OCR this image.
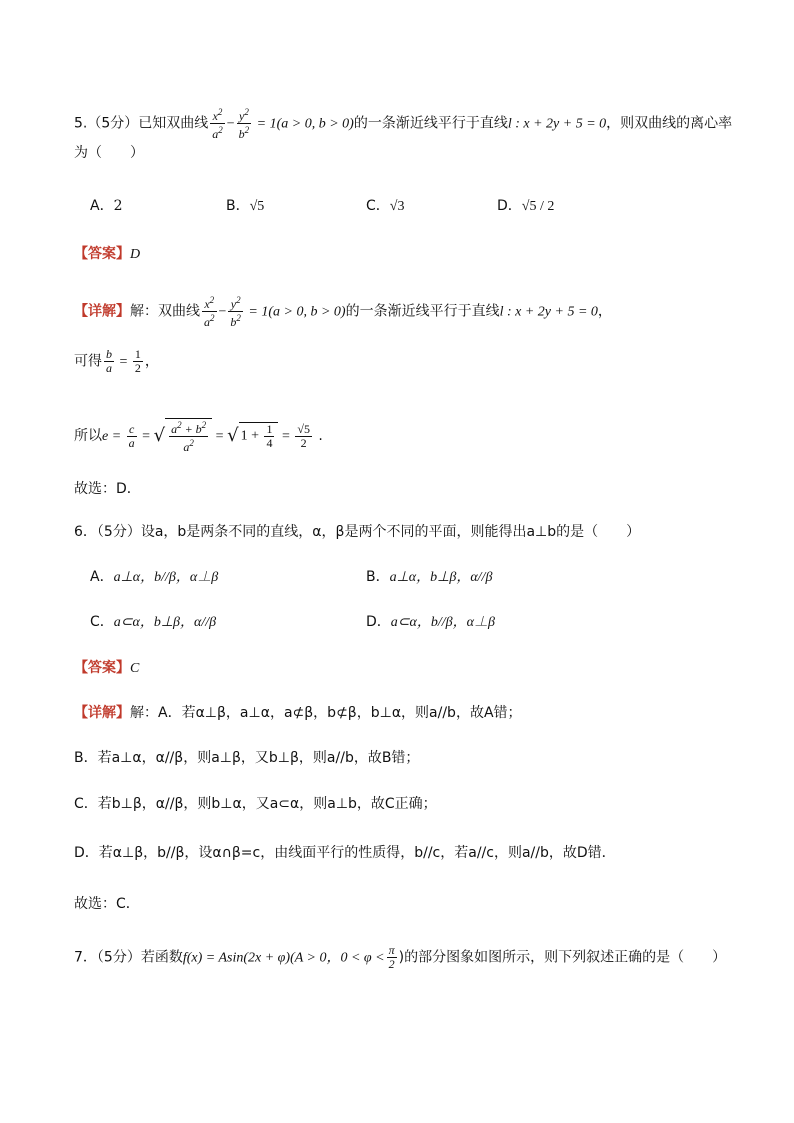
5.（5分）已知双曲线 $\frac{x^2}{a^2} - \frac{y^2}{b^2} = 1(a > 0$, b > 0)的一条渐近线平行于直线l : x + 2y + 5 = 0，则双曲线的离心率
为（　　）
A．2	B．√5	C．√3	D．√5 / 2
【答案】D
【详解】解：双曲线 $\frac{x^2}{a^2} - \frac{y^2}{b^2} = 1(a > 0$, b > 0)的一条渐近线平行于直线l : x + 2y + 5 = 0，
可得 $\frac{b}{a} = \frac{1}{2}$ ，
所以$e = \frac{c}{a}$ = √ $\frac{a^2 + b^2}{a^2}$ = √ $1 + \frac{1}{4} = \frac{√5}{2}$ .
故选：D．
6．（5分）设a，b是两条不同的直线，α，β是两个不同的平面，则能得出a⊥b的是（　　）
A．a⊥α，b//β，α⊥β	B．a⊥α，b⊥β，α//β
C．a⊂α，b⊥β，α//β	D．a⊂α，b//β，α⊥β
【答案】C
【详解】解：A．若α⊥β，a⊥α，a⊄β，b⊄β，b⊥α，则a//b，故A错；
B．若a⊥α，α//β，则a⊥β，又b⊥β，则a//b，故B错；
C．若b⊥β，α//β，则b⊥α，又a⊂α，则a⊥b，故C正确；
D．若α⊥β，b//β，设α∩β=c，由线面平行的性质得，b//c，若a//c，则a//b，故D错．
故选：C．
7．（5分）若函数f(x) = Asin(2x + φ)(A > 0，$0 < \varphi < \frac{\pi}{2}$ )的部分图象如图所示，则下列叙述正确的是（　　）
